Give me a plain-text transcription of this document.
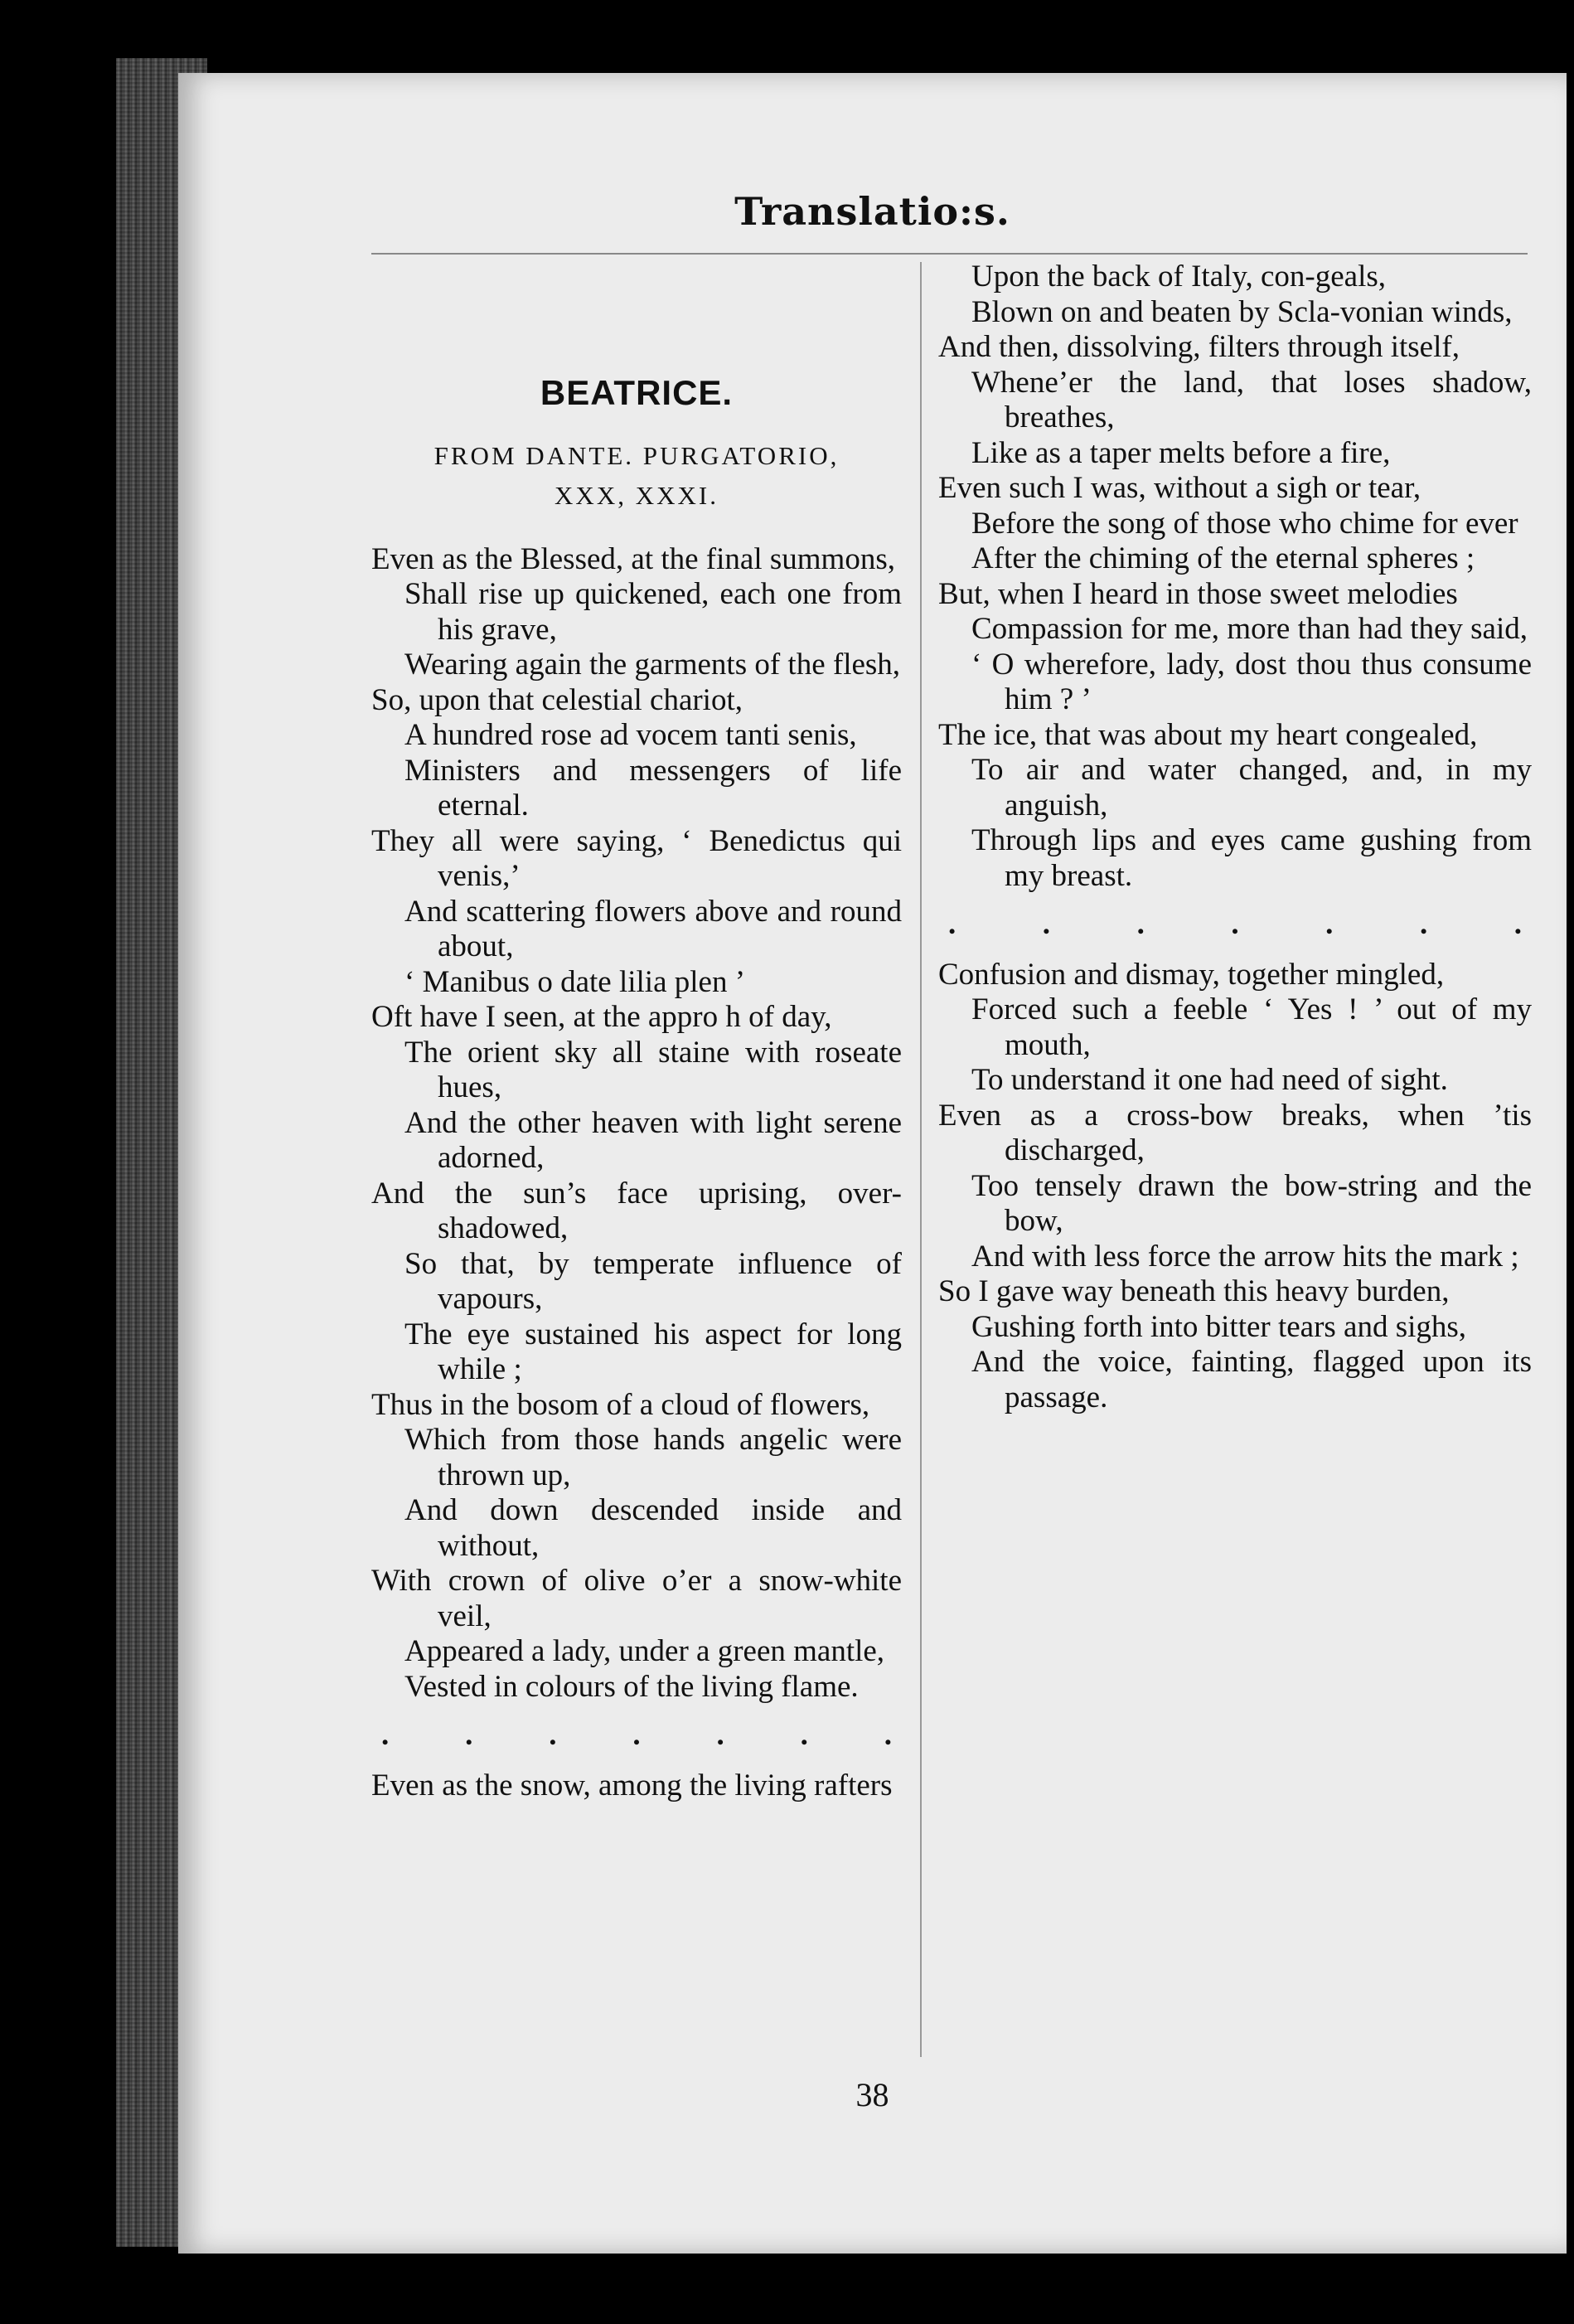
Translatio:s.
BEATRICE.
FROM DANTE. PURGATORIO,
XXX, XXXI.
Even as the Blessed, at the final summons,
Shall rise up quickened, each one from his grave,
Wearing again the garments of the flesh,
So, upon that celestial chariot,
A hundred rose ad vocem tanti senis,
Ministers and messengers of life eternal.
They all were saying, ‘ Benedictus qui venis,’
And scattering flowers above and round about,
‘ Manibus o date lilia plen ’
Oft have I seen, at the appro h of day,
The orient sky all staine with roseate hues,
And the other heaven with light serene adorned,
And the sun’s face uprising, over-shadowed,
So that, by temperate influence of vapours,
The eye sustained his aspect for long while ;
Thus in the bosom of a cloud of flowers,
Which from those hands angelic were thrown up,
And down descended inside and without,
With crown of olive o’er a snow-white veil,
Appeared a lady, under a green mantle,
Vested in colours of the living flame.
. . . . . . .
Even as the snow, among the living rafters
Upon the back of Italy, con-geals,
Blown on and beaten by Scla-vonian winds,
And then, dissolving, filters through itself,
Whene’er the land, that loses shadow, breathes,
Like as a taper melts before a fire,
Even such I was, without a sigh or tear,
Before the song of those who chime for ever
After the chiming of the eternal spheres ;
But, when I heard in those sweet melodies
Compassion for me, more than had they said,
‘ O wherefore, lady, dost thou thus consume him ? ’
The ice, that was about my heart congealed,
To air and water changed, and, in my anguish,
Through lips and eyes came gushing from my breast.
. . . . . . .
Confusion and dismay, together mingled,
Forced such a feeble ‘ Yes ! ’ out of my mouth,
To understand it one had need of sight.
Even as a cross-bow breaks, when ’tis discharged,
Too tensely drawn the bow-string and the bow,
And with less force the arrow hits the mark ;
So I gave way beneath this heavy burden,
Gushing forth into bitter tears and sighs,
And the voice, fainting, flagged upon its passage.
38
